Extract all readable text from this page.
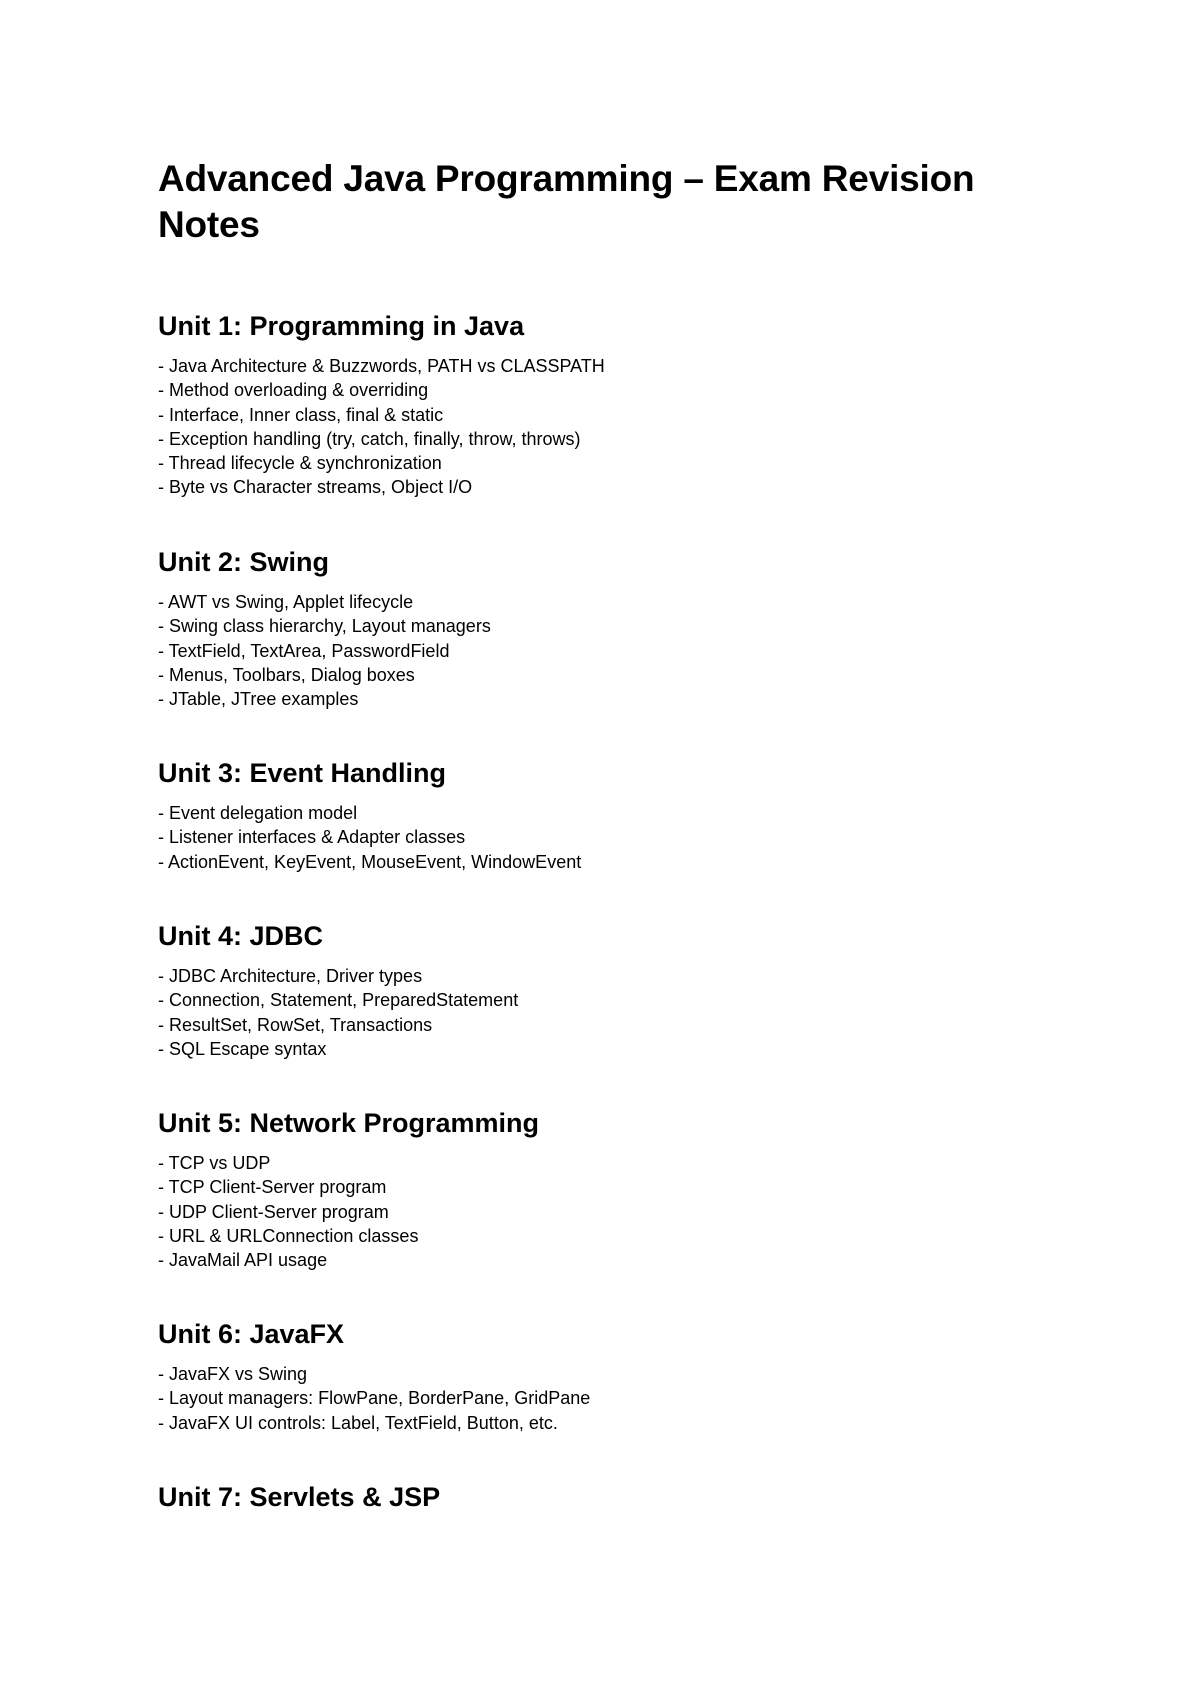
Advanced Java Programming – Exam Revision Notes
Unit 1: Programming in Java
- Java Architecture & Buzzwords, PATH vs CLASSPATH
- Method overloading & overriding
- Interface, Inner class, final & static
- Exception handling (try, catch, finally, throw, throws)
- Thread lifecycle & synchronization
- Byte vs Character streams, Object I/O
Unit 2: Swing
- AWT vs Swing, Applet lifecycle
- Swing class hierarchy, Layout managers
- TextField, TextArea, PasswordField
- Menus, Toolbars, Dialog boxes
- JTable, JTree examples
Unit 3: Event Handling
- Event delegation model
- Listener interfaces & Adapter classes
- ActionEvent, KeyEvent, MouseEvent, WindowEvent
Unit 4: JDBC
- JDBC Architecture, Driver types
- Connection, Statement, PreparedStatement
- ResultSet, RowSet, Transactions
- SQL Escape syntax
Unit 5: Network Programming
- TCP vs UDP
- TCP Client-Server program
- UDP Client-Server program
- URL & URLConnection classes
- JavaMail API usage
Unit 6: JavaFX
- JavaFX vs Swing
- Layout managers: FlowPane, BorderPane, GridPane
- JavaFX UI controls: Label, TextField, Button, etc.
Unit 7: Servlets & JSP
